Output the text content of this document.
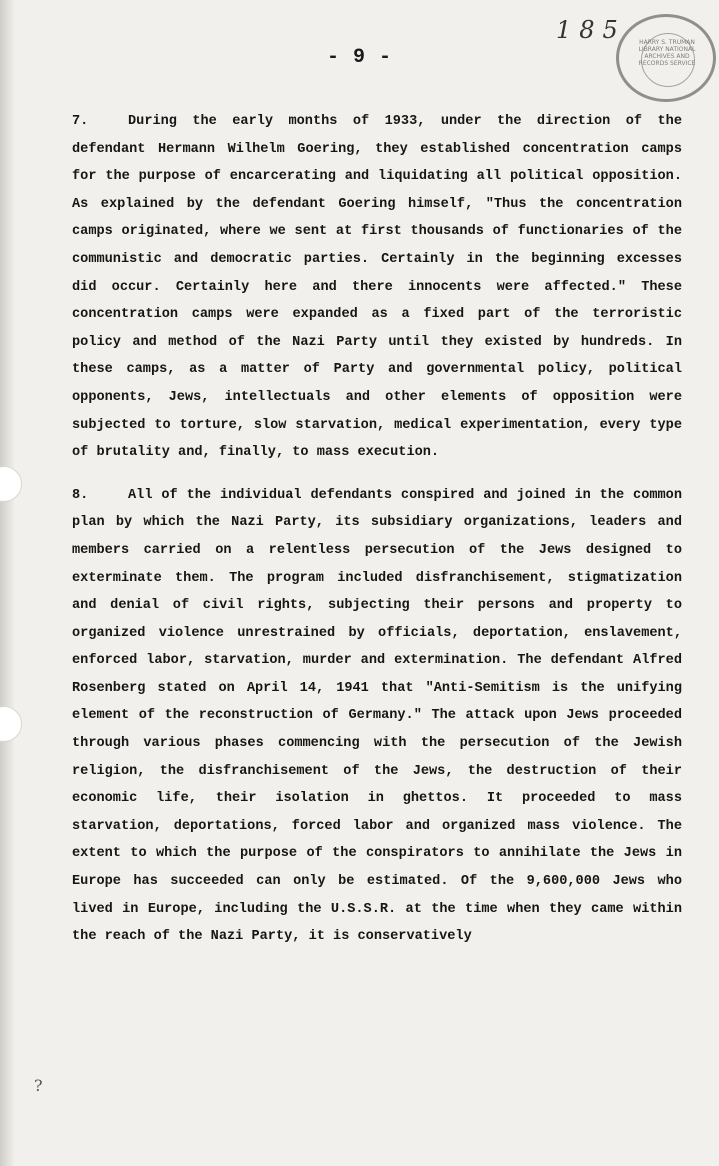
185	HARRY S. TRUMAN LIBRARY NATIONAL ARCHIVES AND RECORDS SERVICE
- 9 -

7.	During the early months of 1933, under the direction of the defendant Hermann Wilhelm Goering, they established concentration camps for the purpose of encarcerating and liquidating all political opposition. As explained by the defendant Goering himself, "Thus the concentration camps originated, where we sent at first thousands of functionaries of the communistic and democratic parties. Certainly in the beginning excesses did occur. Certainly here and there innocents were affected." These concentration camps were expanded as a fixed part of the terroristic policy and method of the Nazi Party until they existed by hundreds. In these camps, as a matter of Party and governmental policy, political opponents, Jews, intellectuals and other elements of opposition were subjected to torture, slow starvation, medical experimentation, every type of brutality and, finally, to mass execution.

8.	All of the individual defendants conspired and joined in the common plan by which the Nazi Party, its subsidiary organizations, leaders and members carried on a relentless persecution of the Jews designed to exterminate them. The program included disfranchisement, stigmatization and denial of civil rights, subjecting their persons and property to organized violence unrestrained by officials, deportation, enslavement, enforced labor, starvation, murder and extermination. The defendant Alfred Rosenberg stated on April 14, 1941 that "Anti-Semitism is the unifying element of the reconstruction of Germany." The attack upon Jews proceeded through various phases commencing with the persecution of the Jewish religion, the disfranchisement of the Jews, the destruction of their economic life, their isolation in ghettos. It proceeded to mass starvation, deportations, forced labor and organized mass violence. The extent to which the purpose of the conspirators to annihilate the Jews in Europe has succeeded can only be estimated. Of the 9,600,000 Jews who lived in Europe, including the U.S.S.R. at the time when they came within the reach of the Nazi Party, it is conservatively

?
